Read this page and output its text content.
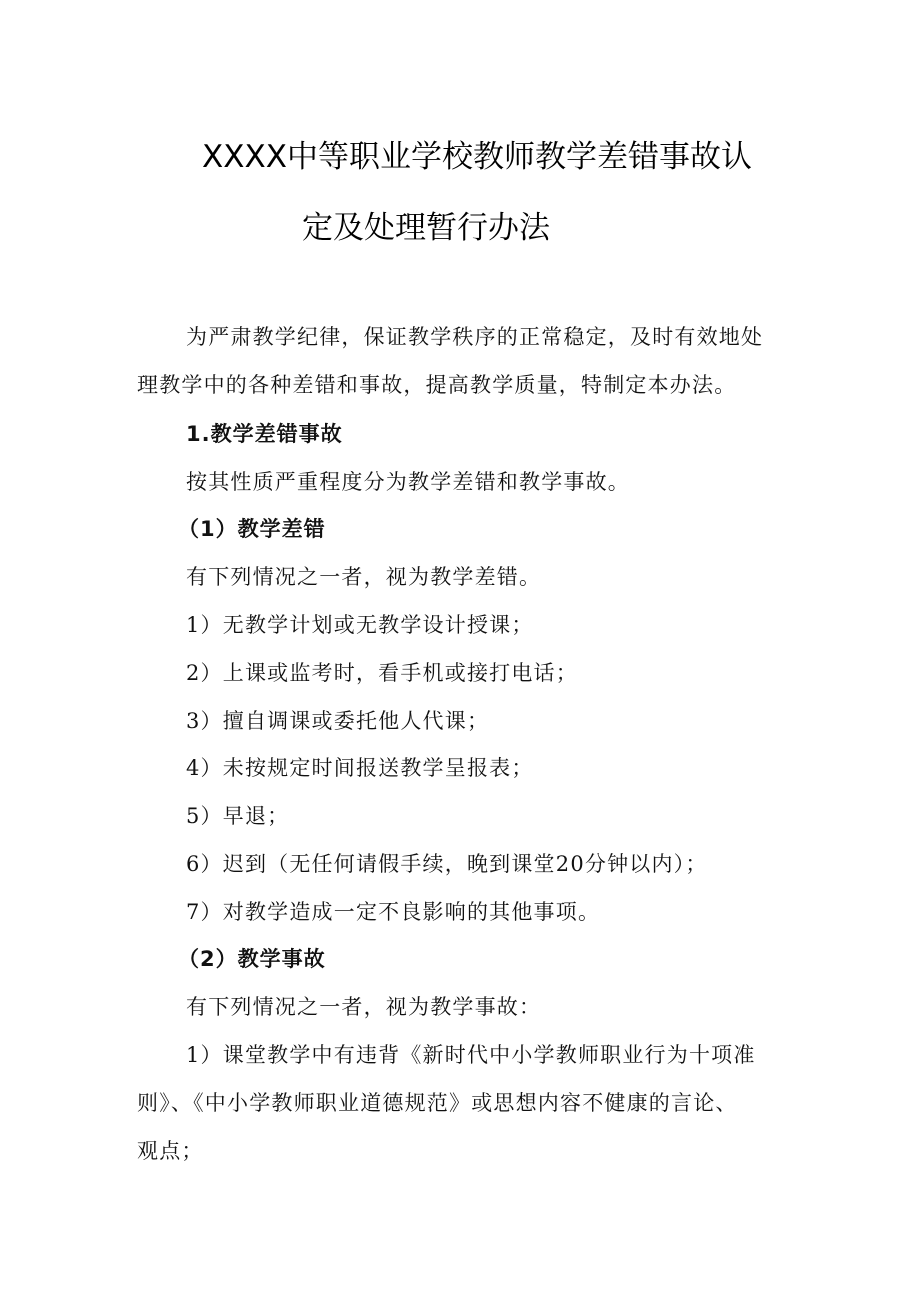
XXXX中等职业学校教师教学差错事故认
定及处理暂行办法
为严肃教学纪律，保证教学秩序的正常稳定，及时有效地处
理教学中的各种差错和事故，提高教学质量，特制定本办法。
1.教学差错事故
按其性质严重程度分为教学差错和教学事故。
（1）教学差错
有下列情况之一者，视为教学差错。
1）无教学计划或无教学设计授课；
2）上课或监考时，看手机或接打电话；
3）擅自调课或委托他人代课；
4）未按规定时间报送教学呈报表；
5）早退；
6）迟到（无任何请假手续，晚到课堂20分钟以内）；
7）对教学造成一定不良影响的其他事项。
（2）教学事故
有下列情况之一者，视为教学事故：
1）课堂教学中有违背《新时代中小学教师职业行为十项准
则》、《中小学教师职业道德规范》或思想内容不健康的言论、
观点；
